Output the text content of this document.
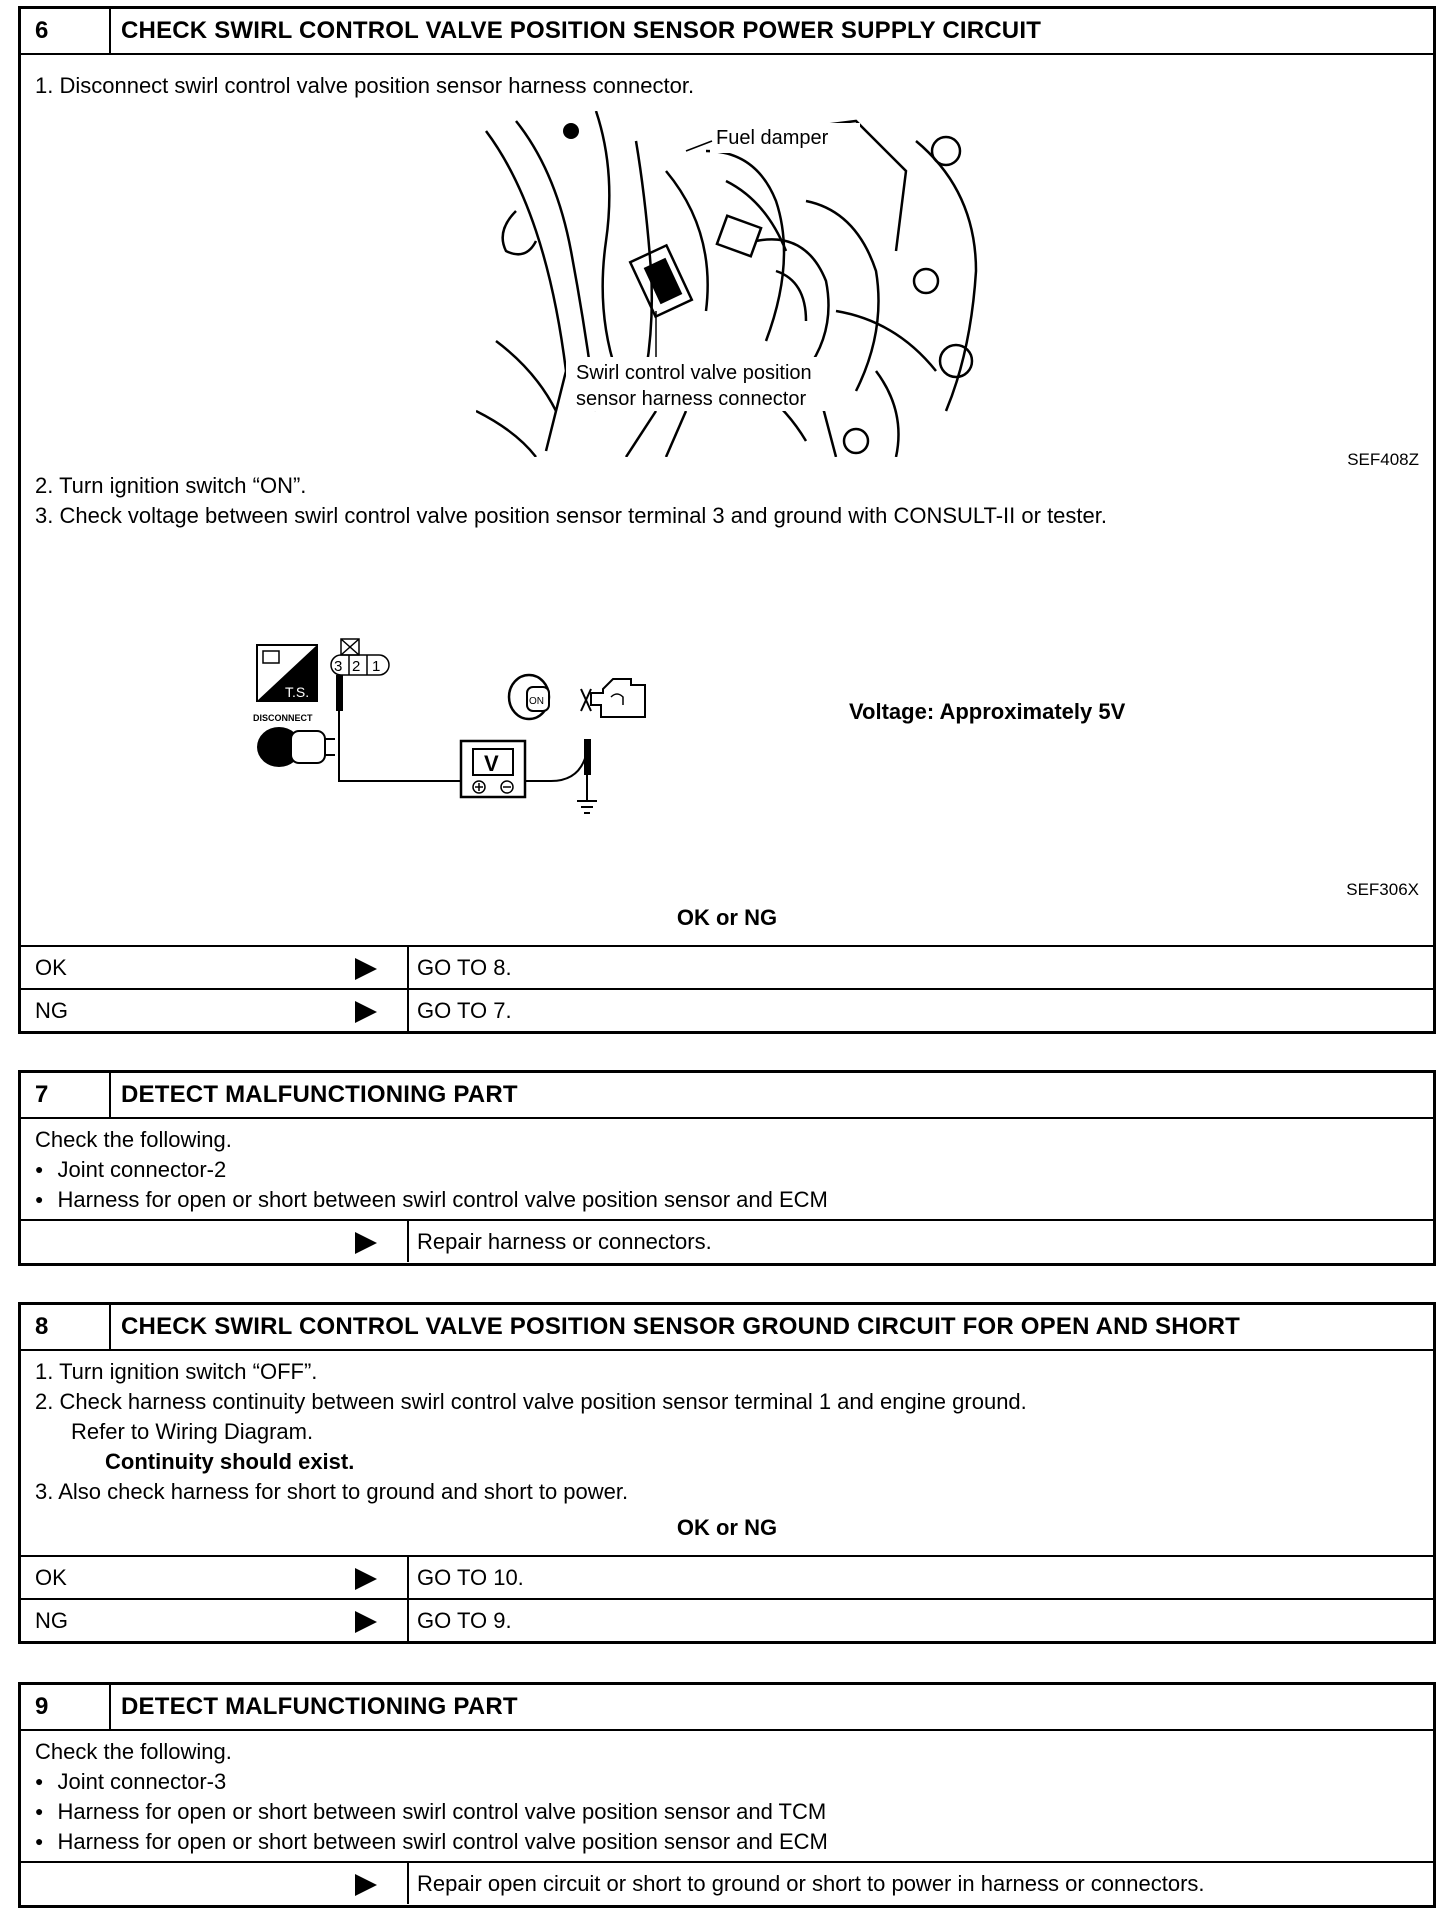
6	CHECK SWIRL CONTROL VALVE POSITION SENSOR POWER SUPPLY CIRCUIT
1. Disconnect swirl control valve position sensor harness connector.
Fuel damper
Swirl control valve position
sensor harness connector
SEF408Z
2. Turn ignition switch “ON”.
3. Check voltage between swirl control valve position sensor terminal 3 and ground with CONSULT-II or tester.
T.S.
DISCONNECT
3 2 1
ON
V
Voltage: Approximately 5V
SEF306X
OK or NG
OK	GO TO 8.
NG	GO TO 7.
7	DETECT MALFUNCTIONING PART
Check the following.
● Joint connector-2
● Harness for open or short between swirl control valve position sensor and ECM
Repair harness or connectors.
8	CHECK SWIRL CONTROL VALVE POSITION SENSOR GROUND CIRCUIT FOR OPEN AND SHORT
1. Turn ignition switch “OFF”.
2. Check harness continuity between swirl control valve position sensor terminal 1 and engine ground.
Refer to Wiring Diagram.
Continuity should exist.
3. Also check harness for short to ground and short to power.
OK or NG
OK	GO TO 10.
NG	GO TO 9.
9	DETECT MALFUNCTIONING PART
Check the following.
● Joint connector-3
● Harness for open or short between swirl control valve position sensor and TCM
● Harness for open or short between swirl control valve position sensor and ECM
Repair open circuit or short to ground or short to power in harness or connectors.
